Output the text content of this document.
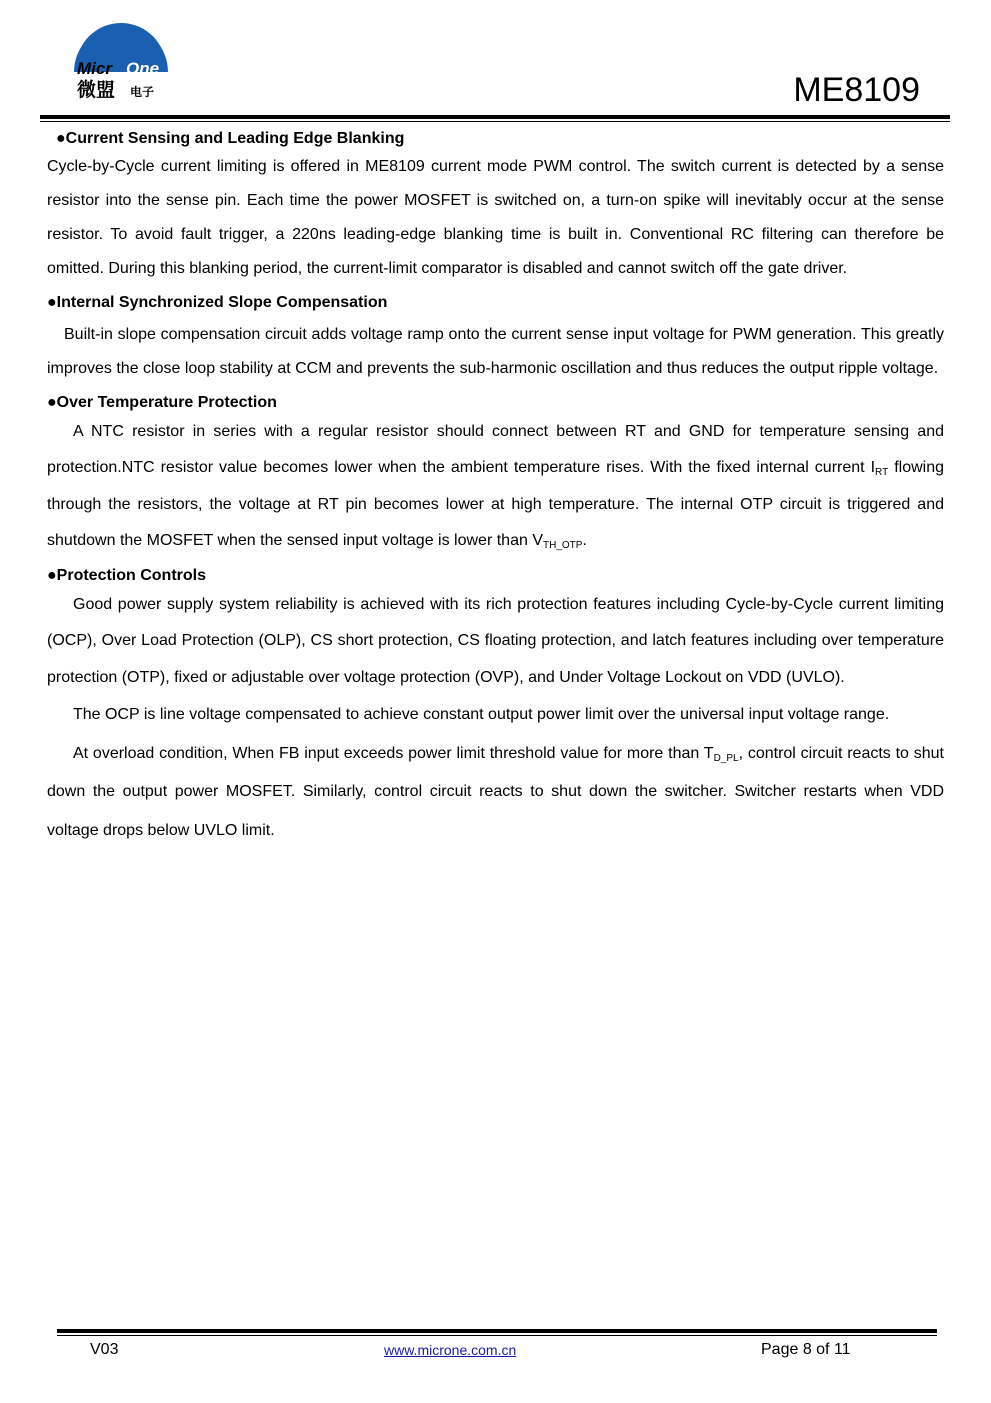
Micr One
微盟 电子	ME8109
●Current Sensing and Leading Edge Blanking

Cycle-by-Cycle current limiting is offered in ME8109 current mode PWM control. The switch current is detected by a sense resistor into the sense pin. Each time the power MOSFET is switched on, a turn-on spike will inevitably occur at the sense resistor. To avoid fault trigger, a 220ns leading-edge blanking time is built in. Conventional RC filtering can therefore be omitted. During this blanking period, the current-limit comparator is disabled and cannot switch off the gate driver.

●Internal Synchronized Slope Compensation

Built-in slope compensation circuit adds voltage ramp onto the current sense input voltage for PWM generation. This greatly improves the close loop stability at CCM and prevents the sub-harmonic oscillation and thus reduces the output ripple voltage.

●Over Temperature Protection

A NTC resistor in series with a regular resistor should connect between RT and GND for temperature sensing and protection.NTC resistor value becomes lower when the ambient temperature rises. With the fixed internal current $I_{RT}$ flowing through the resistors, the voltage at RT pin becomes lower at high temperature. The internal OTP circuit is triggered and shutdown the MOSFET when the sensed input voltage is lower than $V_{TH\_OTP}$.

●Protection Controls

Good power supply system reliability is achieved with its rich protection features including Cycle-by-Cycle current limiting (OCP), Over Load Protection (OLP), CS short protection, CS floating protection, and latch features including over temperature protection (OTP), fixed or adjustable over voltage protection (OVP), and Under Voltage Lockout on VDD (UVLO).

The OCP is line voltage compensated to achieve constant output power limit over the universal input voltage range.

At overload condition, When FB input exceeds power limit threshold value for more than $T_{D\_PL}$, control circuit reacts to shut down the output power MOSFET. Similarly, control circuit reacts to shut down the switcher. Switcher restarts when VDD voltage drops below UVLO limit.

V03	www.microne.com.cn	Page 8 of 11
